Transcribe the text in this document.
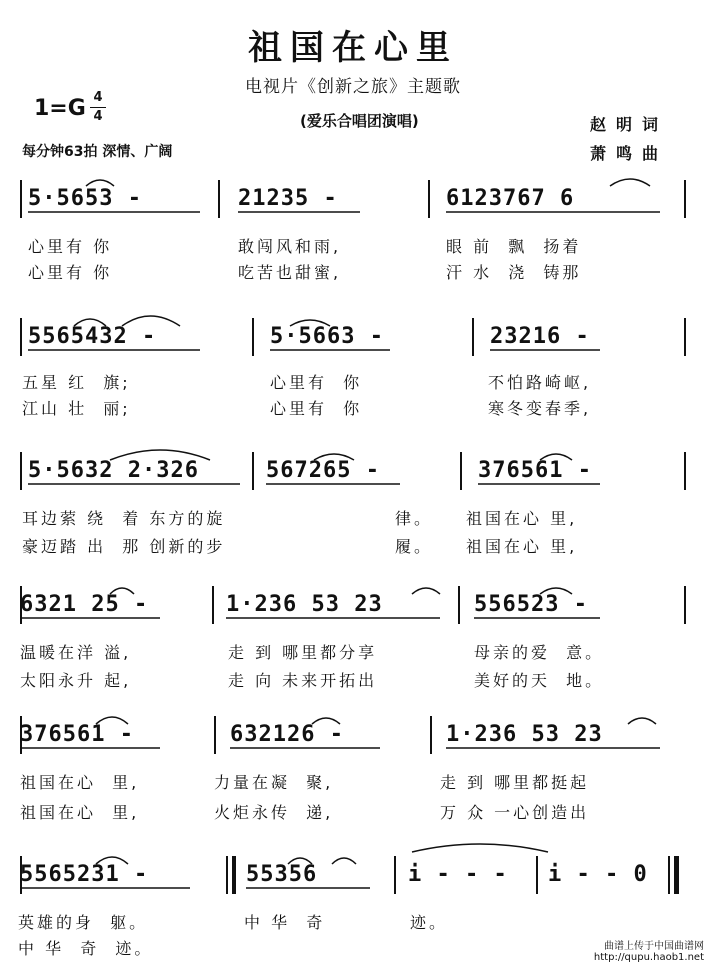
祖国在心里
电视片《创新之旅》主题歌
1=G 4
4	(爱乐合唱团演唱)
每分钟63拍 深情、广阔
赵明词
萧鸣曲
5·5653 -	21235 -	6123767 6
心里有 你	敢闯风和雨,	眼 前  飘  扬着
心里有 你	吃苦也甜蜜,	汗 水  浇  铸那
5565432 -	5·5663 -	23216 -
五星 红  旗;	心里有  你	不怕路崎岖,
江山 壮  丽;	心里有  你	寒冬变春季,
5·5632 2·326	567265 -	376561 -
耳边萦 绕  着 东方的旋	律。 祖国在心 里,
豪迈踏 出  那 创新的步	履。 祖国在心 里,
6321 25 -	1·236 53 23	556523 -
温暖在洋 溢,	走 到 哪里都分享	母亲的爱  意。
太阳永升 起,	走 向 未来开拓出	美好的天  地。
376561 -	632126 -	1·236 53 23
祖国在心  里,	力量在凝  聚,	走 到 哪里都挺起
祖国在心  里,	火炬永传  递,	万 众 一心创造出
5565231 -	55356	i - - - i - - 0
英雄的身  躯。	中 华  奇	迹。
中 华  奇  迹。	曲谱上传于中国曲谱网
http://qupu.haob1.net
